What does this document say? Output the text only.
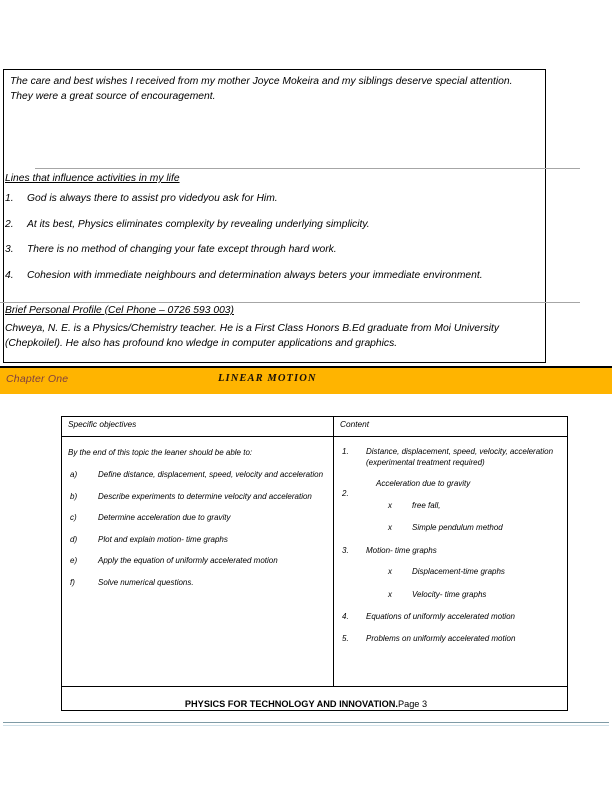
The care and best wishes I received from my mother Joyce Mokeira and my siblings deserve special attention. They were a great source of encouragement.
Lines that influence activities in my life
1.	God is always there to assist pro videdyou ask for Him.
2.	At its best, Physics eliminates complexity by revealing underlying simplicity.
3.	There is no method of changing your fate except through hard work.
4.	Cohesion with immediate neighbours and determination always beters your immediate environment.
Brief Personal Profile (Cel Phone – 0726 593 003)
Chweya, N. E. is a Physics/Chemistry teacher. He is a First Class Honors B.Ed graduate from Moi University (Chepkoilel). He also has profound kno wledge in computer applications and graphics.
Chapter One	LINEAR MOTION
Specific objectives	Content

By the end of this topic the leaner should be able to:
a)	Define distance, displacement, speed, velocity and acceleration
b)	Describe experiments to determine velocity and acceleration
c)	Determine acceleration due to gravity
d)	Plot and explain motion- time graphs
e)	Apply the equation of uniformly accelerated motion
f)	Solve numerical questions.

1. Distance, displacement, speed, velocity, acceleration (experimental treatment required)
2.
Acceleration due to gravity
x	free fall,
x	Simple pendulum method
3. Motion- time graphs
x	Displacement-time graphs
x	Velocity- time graphs
4. Equations of uniformly accelerated motion
5. Problems on uniformly accelerated motion

PHYSICS FOR TECHNOLOGY AND INNOVATION.Page 3
